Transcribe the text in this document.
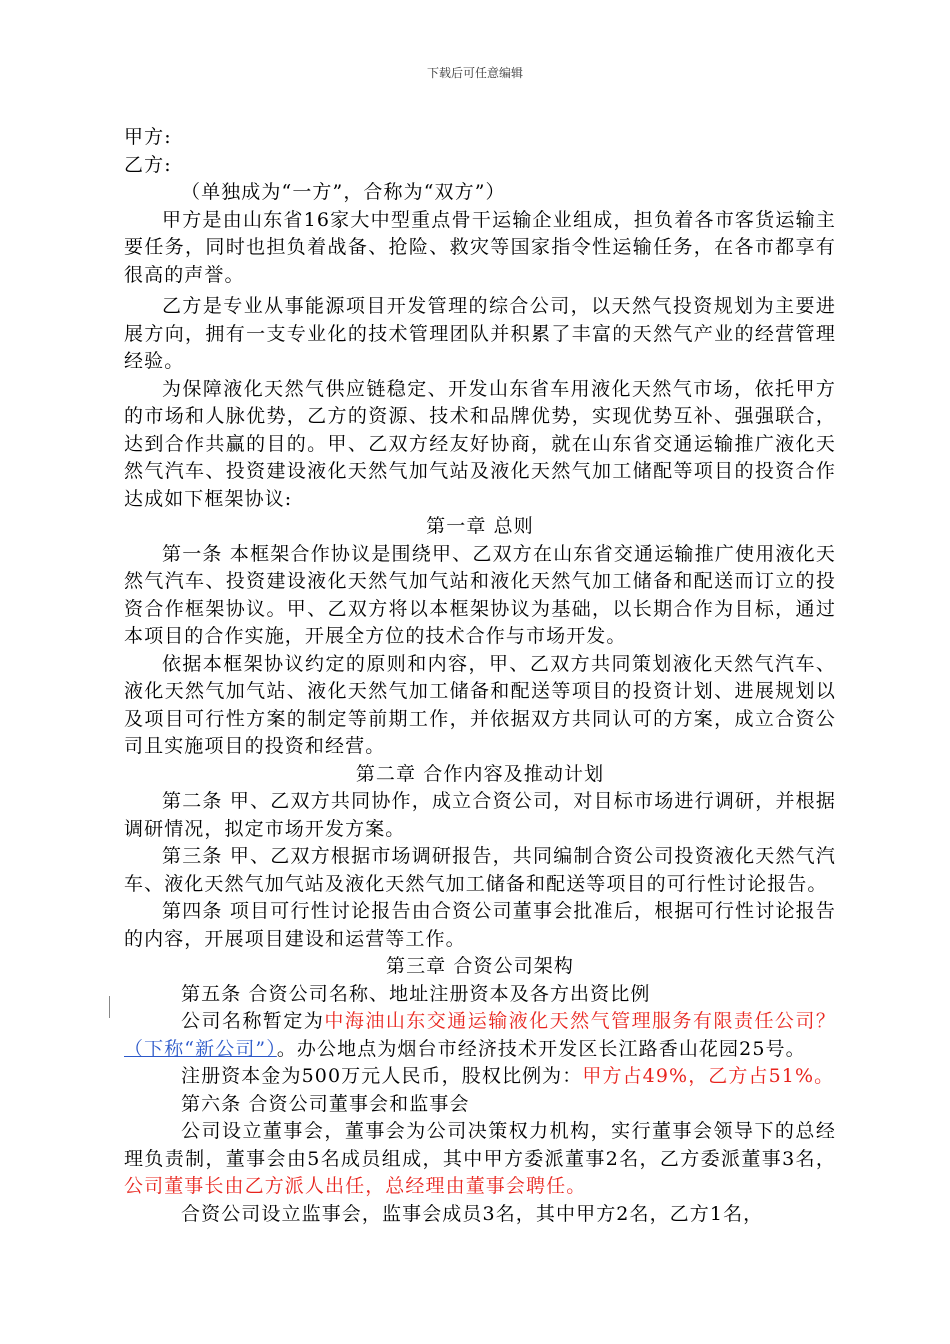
下载后可任意编辑

甲方:

乙方:

（单独成为“一方”，合称为“双方”）

甲方是由山东省16家大中型重点骨干运输企业组成，担负着各市客货运输主要任务，同时也担负着战备、抢险、救灾等国家指令性运输任务，在各市都享有很高的声誉。

乙方是专业从事能源项目开发管理的综合公司，以天然气投资规划为主要进展方向，拥有一支专业化的技术管理团队并积累了丰富的天然气产业的经营管理经验。

为保障液化天然气供应链稳定、开发山东省车用液化天然气市场，依托甲方的市场和人脉优势，乙方的资源、技术和品牌优势，实现优势互补、强强联合，达到合作共赢的目的。甲、乙双方经友好协商，就在山东省交通运输推广液化天然气汽车、投资建设液化天然气加气站及液化天然气加工储配等项目的投资合作达成如下框架协议:

第一章 总则

第一条 本框架合作协议是围绕甲、乙双方在山东省交通运输推广使用液化天然气汽车、投资建设液化天然气加气站和液化天然气加工储备和配送而订立的投资合作框架协议。甲、乙双方将以本框架协议为基础，以长期合作为目标，通过本项目的合作实施，开展全方位的技术合作与市场开发。

依据本框架协议约定的原则和内容，甲、乙双方共同策划液化天然气汽车、液化天然气加气站、液化天然气加工储备和配送等项目的投资计划、进展规划以及项目可行性方案的制定等前期工作，并依据双方共同认可的方案，成立合资公司且实施项目的投资和经营。

第二章 合作内容及推动计划

第二条 甲、乙双方共同协作，成立合资公司，对目标市场进行调研，并根据调研情况，拟定市场开发方案。

第三条 甲、乙双方根据市场调研报告，共同编制合资公司投资液化天然气汽车、液化天然气加气站及液化天然气加工储备和配送等项目的可行性讨论报告。

第四条 项目可行性讨论报告由合资公司董事会批准后，根据可行性讨论报告的内容，开展项目建设和运营等工作。

第三章 合资公司架构

第五条 合资公司名称、地址注册资本及各方出资比例

公司名称暂定为中海油山东交通运输液化天然气管理服务有限责任公司？（下称“新公司”）。办公地点为烟台市经济技术开发区长江路香山花园25号。

注册资本金为500万元人民币，股权比例为：甲方占49%，乙方占51%。

第六条 合资公司董事会和监事会

公司设立董事会，董事会为公司决策权力机构，实行董事会领导下的总经理负责制，董事会由5名成员组成，其中甲方委派董事2名，乙方委派董事3名，公司董事长由乙方派人出任，总经理由董事会聘任。

合资公司设立监事会，监事会成员3名，其中甲方2名，乙方1名，
